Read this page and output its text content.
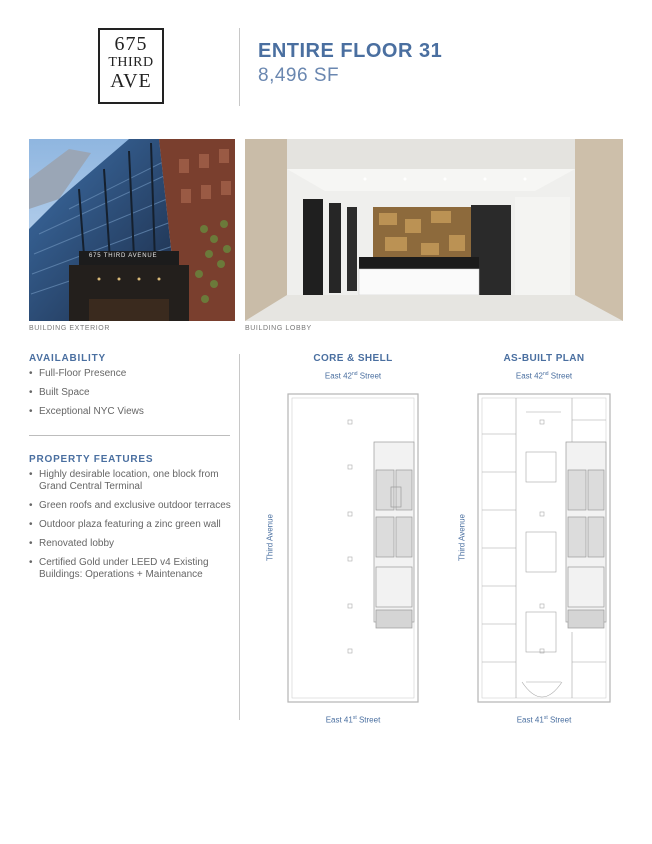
675
THIRD
AVE
ENTIRE FLOOR 31
8,496 SF
675 THIRD AVENUE
BUILDING EXTERIOR	BUILDING LOBBY
AVAILABILITY
• Full-Floor Presence
• Built Space
• Exceptional NYC Views
PROPERTY FEATURES
• Highly desirable location, one block from Grand Central Terminal
• Green roofs and exclusive outdoor terraces
• Outdoor plaza featuring a zinc green wall
• Renovated lobby
• Certified Gold under LEED v4 Existing Buildings: Operations + Maintenance
CORE & SHELL
East 42nd Street
Third Avenue
East 41st Street
AS-BUILT PLAN
East 42nd Street
Third Avenue
East 41st Street
